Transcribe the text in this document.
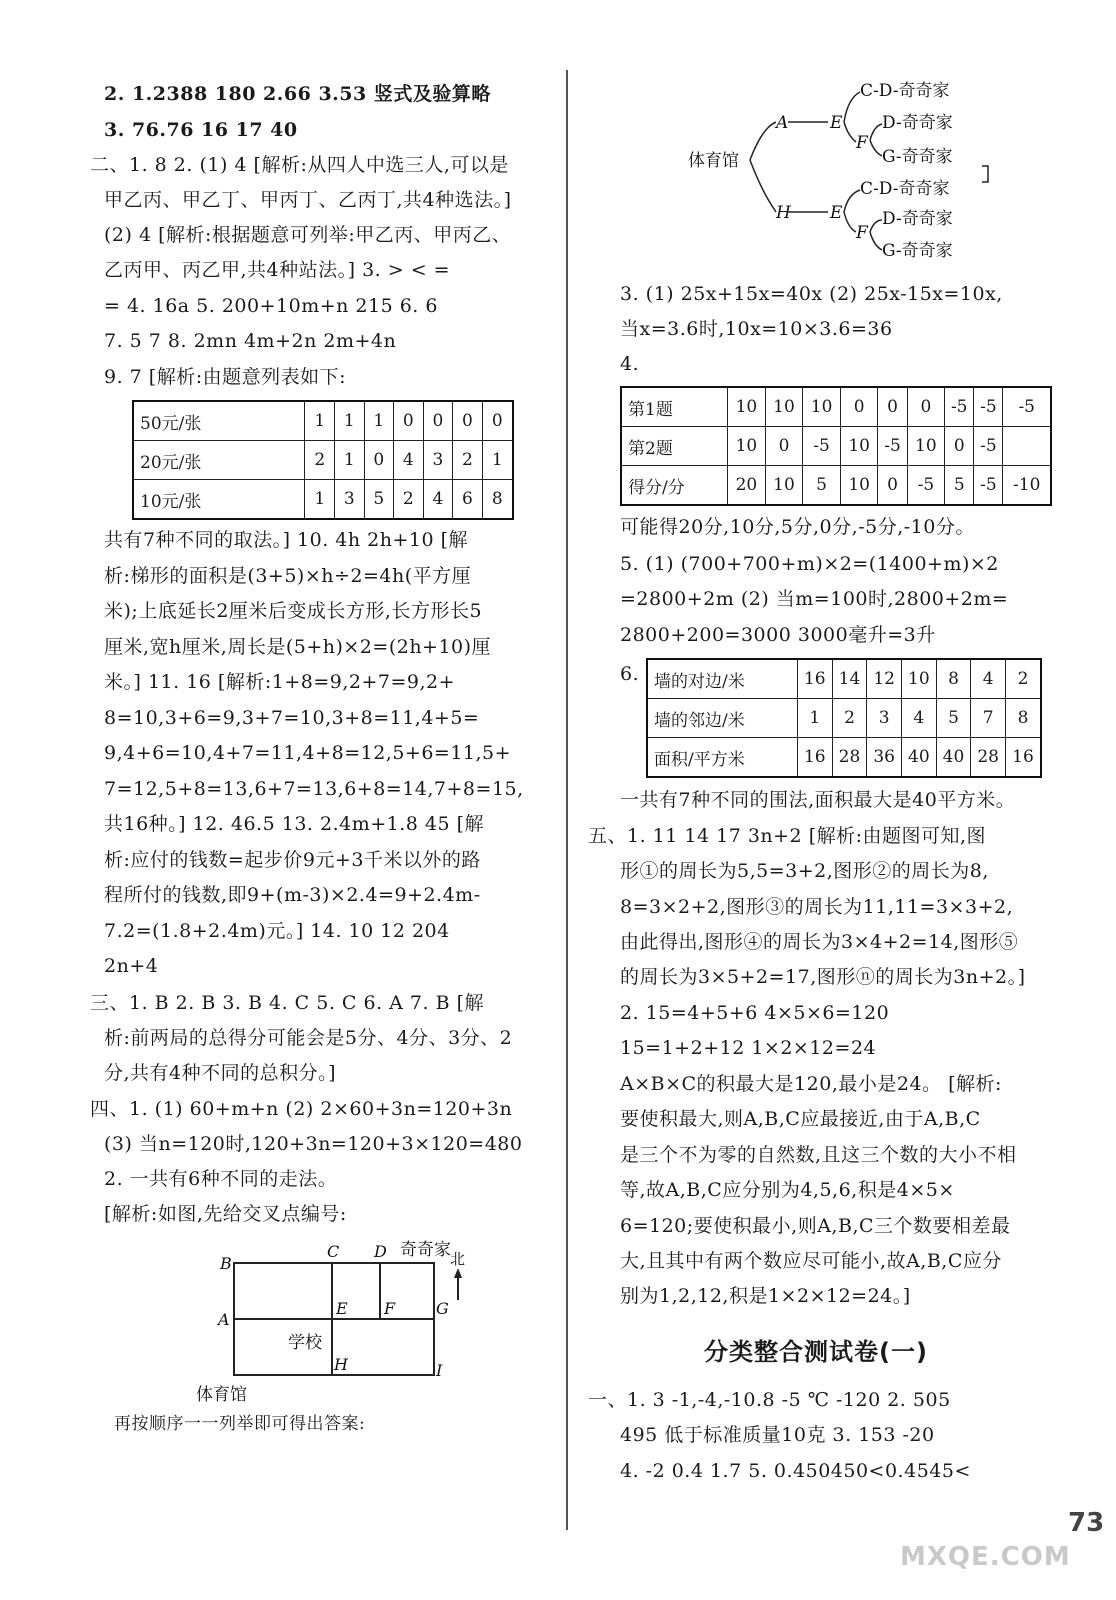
2. 1.2388 180 2.66 3.53 竖式及验算略
3. 76.76 16 17 40
二、1. 8 2. (1) 4 [解析:从四人中选三人,可以是
甲乙丙、甲乙丁、甲丙丁、乙丙丁,共4种选法。]
(2) 4 [解析:根据题意可列举:甲乙丙、甲丙乙、
乙丙甲、丙乙甲,共4种站法。] 3. > < =
= 4. 16a 5. 200+10m+n 215 6. 6
7. 5 7 8. 2mn 4m+2n 2m+4n
9. 7 [解析:由题意列表如下:
50元/张	1	1	1	0	0	0	0
20元/张	2	1	0	4	3	2	1
10元/张	1	3	5	2	4	6	8
共有7种不同的取法。] 10. 4h 2h+10 [解
析:梯形的面积是(3+5)×h÷2=4h(平方厘
米);上底延长2厘米后变成长方形,长方形长5
厘米,宽h厘米,周长是(5+h)×2=(2h+10)厘
米。] 11. 16 [解析:1+8=9,2+7=9,2+
8=10,3+6=9,3+7=10,3+8=11,4+5=
9,4+6=10,4+7=11,4+8=12,5+6=11,5+
7=12,5+8=13,6+7=13,6+8=14,7+8=15,
共16种。] 12. 46.5 13. 2.4m+1.8 45 [解
析:应付的钱数=起步价9元+3千米以外的路
程所付的钱数,即9+(m-3)×2.4=9+2.4m-
7.2=(1.8+2.4m)元。] 14. 10 12 204
2n+4
三、1. B 2. B 3. B 4. C 5. C 6. A 7. B [解
析:前两局的总得分可能会是5分、4分、3分、2
分,共有4种不同的总积分。]
四、1. (1) 60+m+n (2) 2×60+3n=120+3n
(3) 当n=120时,120+3n=120+3×120=480
2. 一共有6种不同的走法。
[解析:如图,先给交叉点编号:
B
C D
A
E F	G
H	I
奇奇家 北
学校
体育馆
再按顺序一一列举即可得出答案:
体育馆
A E
C-D-奇奇家
F
D-奇奇家
G-奇奇家
H E
C-D-奇奇家
F
D-奇奇家
G-奇奇家
3. (1) 25x+15x=40x (2) 25x-15x=10x,
当x=3.6时,10x=10×3.6=36
4.
第1题	10	10	10	0	0	0	-5	-5	-5
第2题	10	0	-5	10	-5	10	0	-5	
得分/分	20	10	5	10	0	-5	5	-5	-10
可能得20分,10分,5分,0分,-5分,-10分。
5. (1) (700+700+m)×2=(1400+m)×2
=2800+2m (2) 当m=100时,2800+2m=
2800+200=3000 3000毫升=3升
6. 墙的对边/米	16	14	12	10	8	4	2
墙的邻边/米	1	2	3	4	5	7	8
面积/平方米	16	28	36	40	40	28	16
一共有7种不同的围法,面积最大是40平方米。
五、1. 11 14 17 3n+2 [解析:由题图可知,图
形①的周长为5,5=3+2,图形②的周长为8,
8=3×2+2,图形③的周长为11,11=3×3+2,
由此得出,图形④的周长为3×4+2=14,图形⑤
的周长为3×5+2=17,图形ⓝ的周长为3n+2。]
2. 15=4+5+6 4×5×6=120
15=1+2+12 1×2×12=24
A×B×C的积最大是120,最小是24。 [解析:
要使积最大,则A,B,C应最接近,由于A,B,C
是三个不为零的自然数,且这三个数的大小不相
等,故A,B,C应分别为4,5,6,积是4×5×
6=120;要使积最小,则A,B,C三个数要相差最
大,且其中有两个数应尽可能小,故A,B,C应分
别为1,2,12,积是1×2×12=24。]
分类整合测试卷(一)
一、1. 3 -1,-4,-10.8 -5 ℃ -120 2. 505
495 低于标准质量10克 3. 153 -20
4. -2 0.4 1.7 5. 0.450450<0.4545<
MXQE.COM
73
